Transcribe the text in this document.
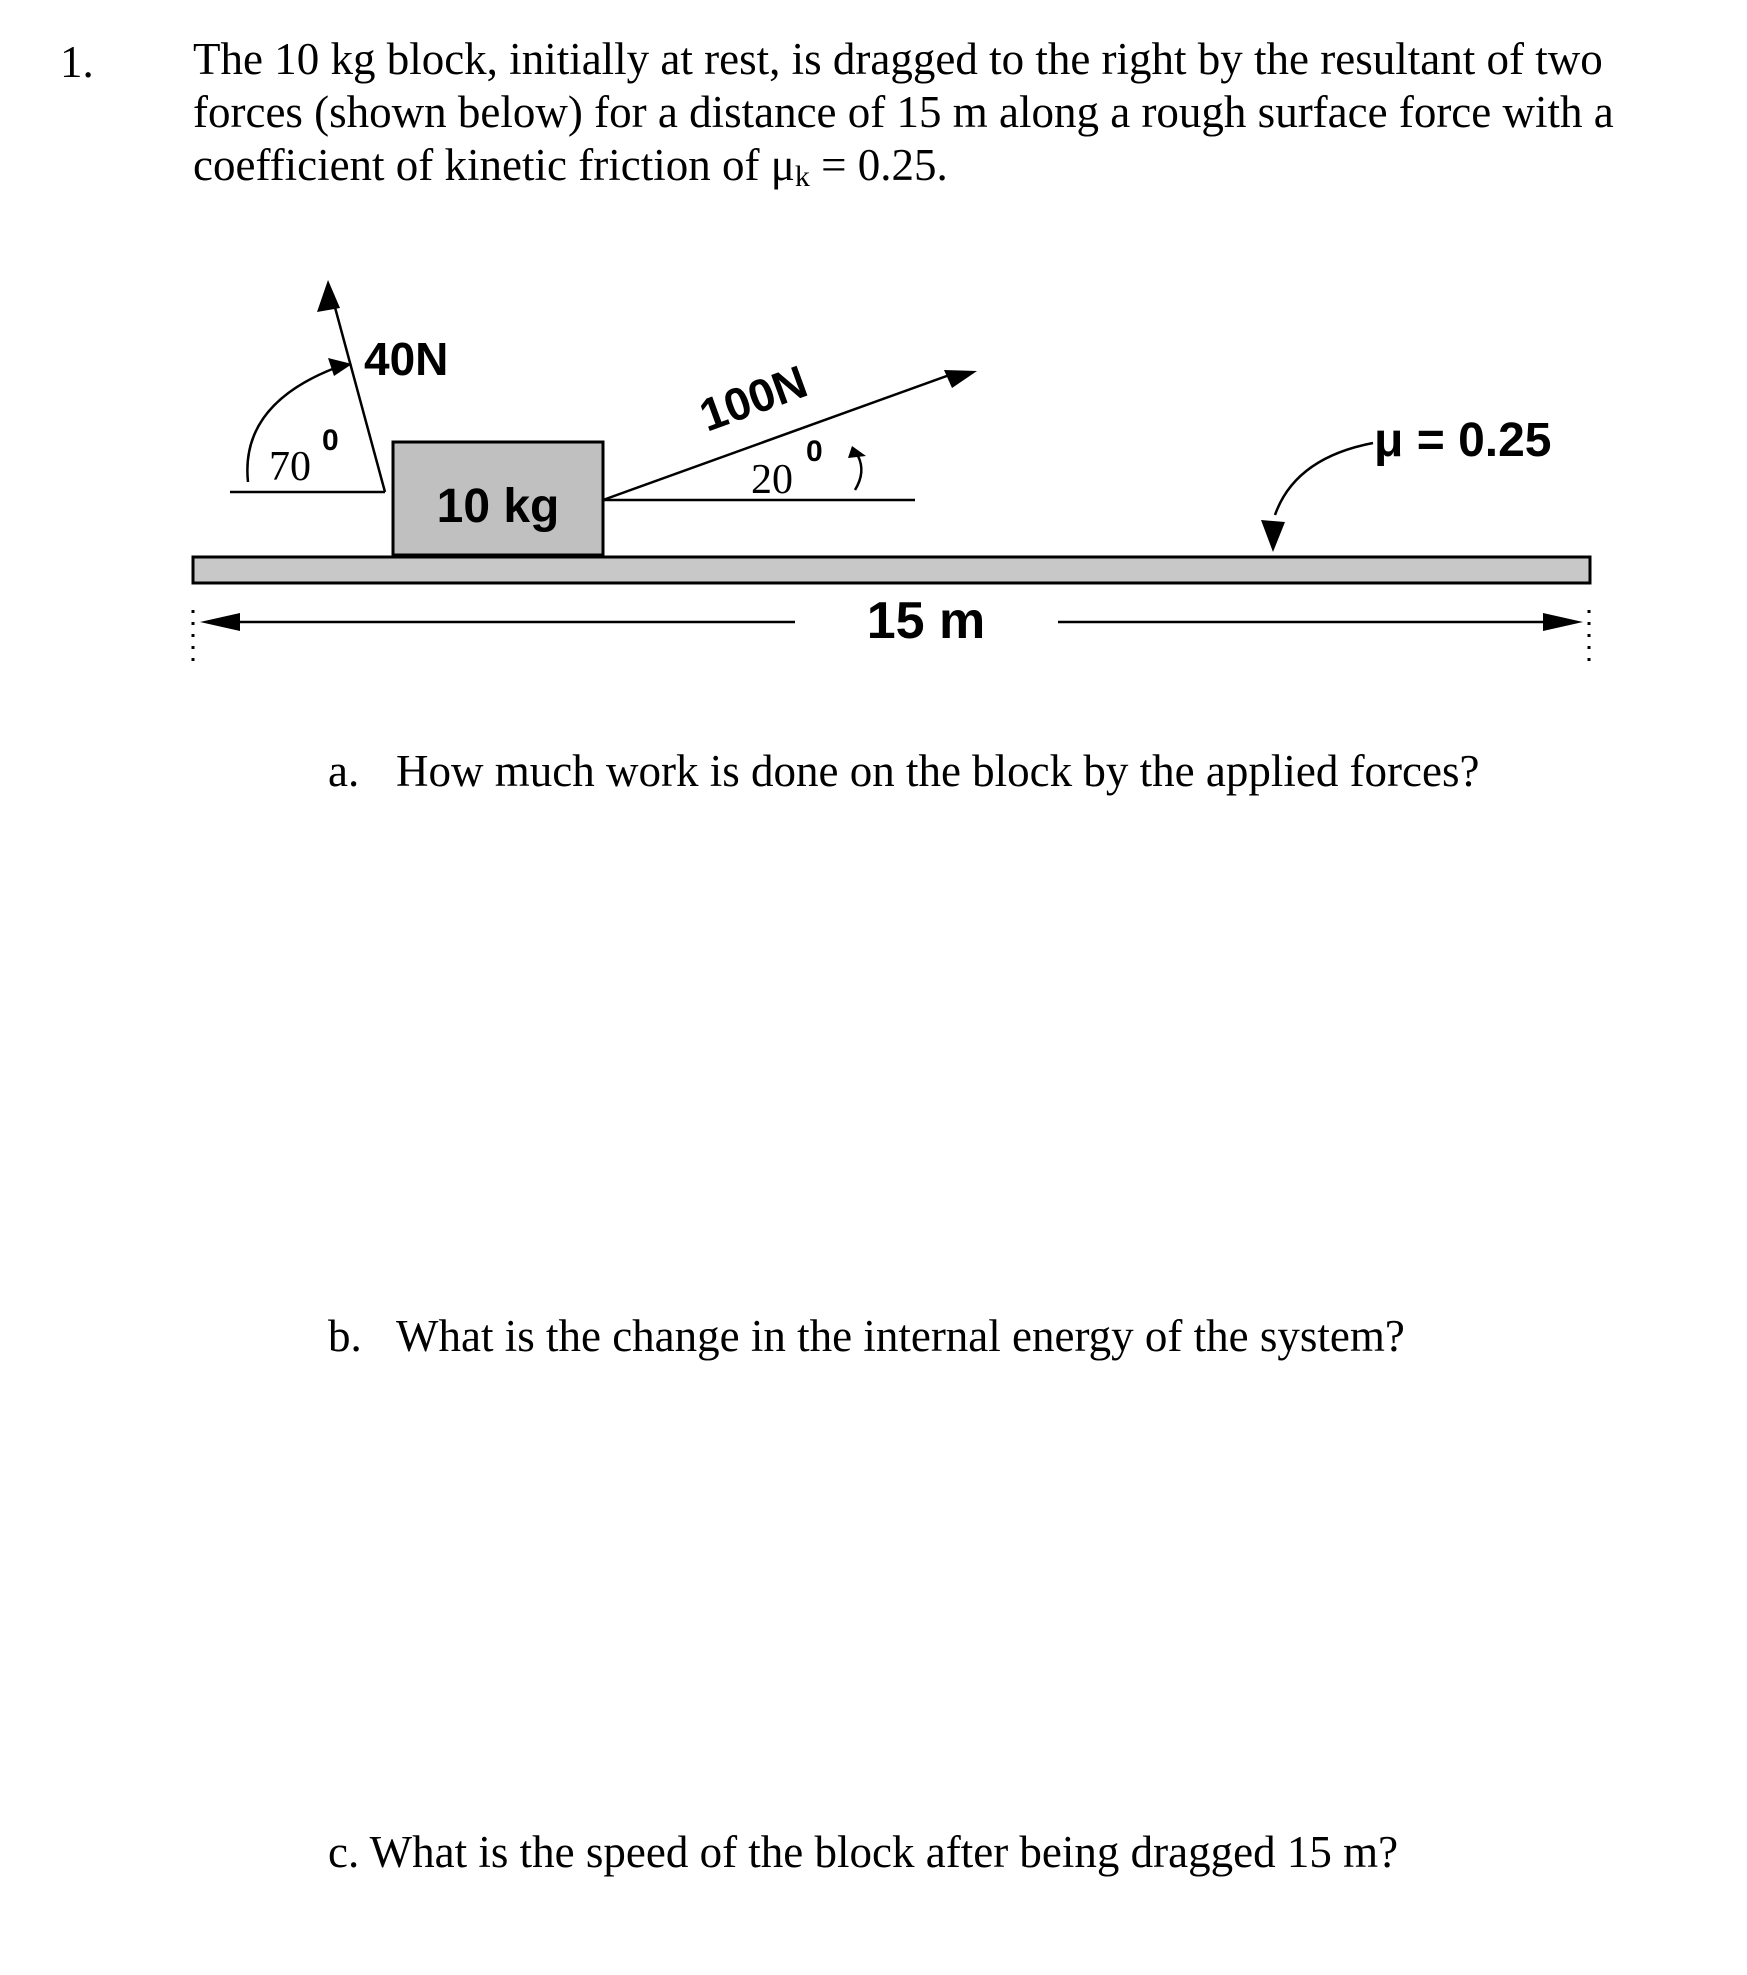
1. The 10 kg block, initially at rest, is dragged to the right by the resultant of two forces (shown below) for a distance of 15 m along a rough surface force with a coefficient of kinetic friction of μk = 0.25.
40N
70
0
10 kg
100N
20
0	μ = 0.25
15 m
a. How much work is done on the block by the applied forces?
b. What is the change in the internal energy of the system?
c. What is the speed of the block after being dragged 15 m?
